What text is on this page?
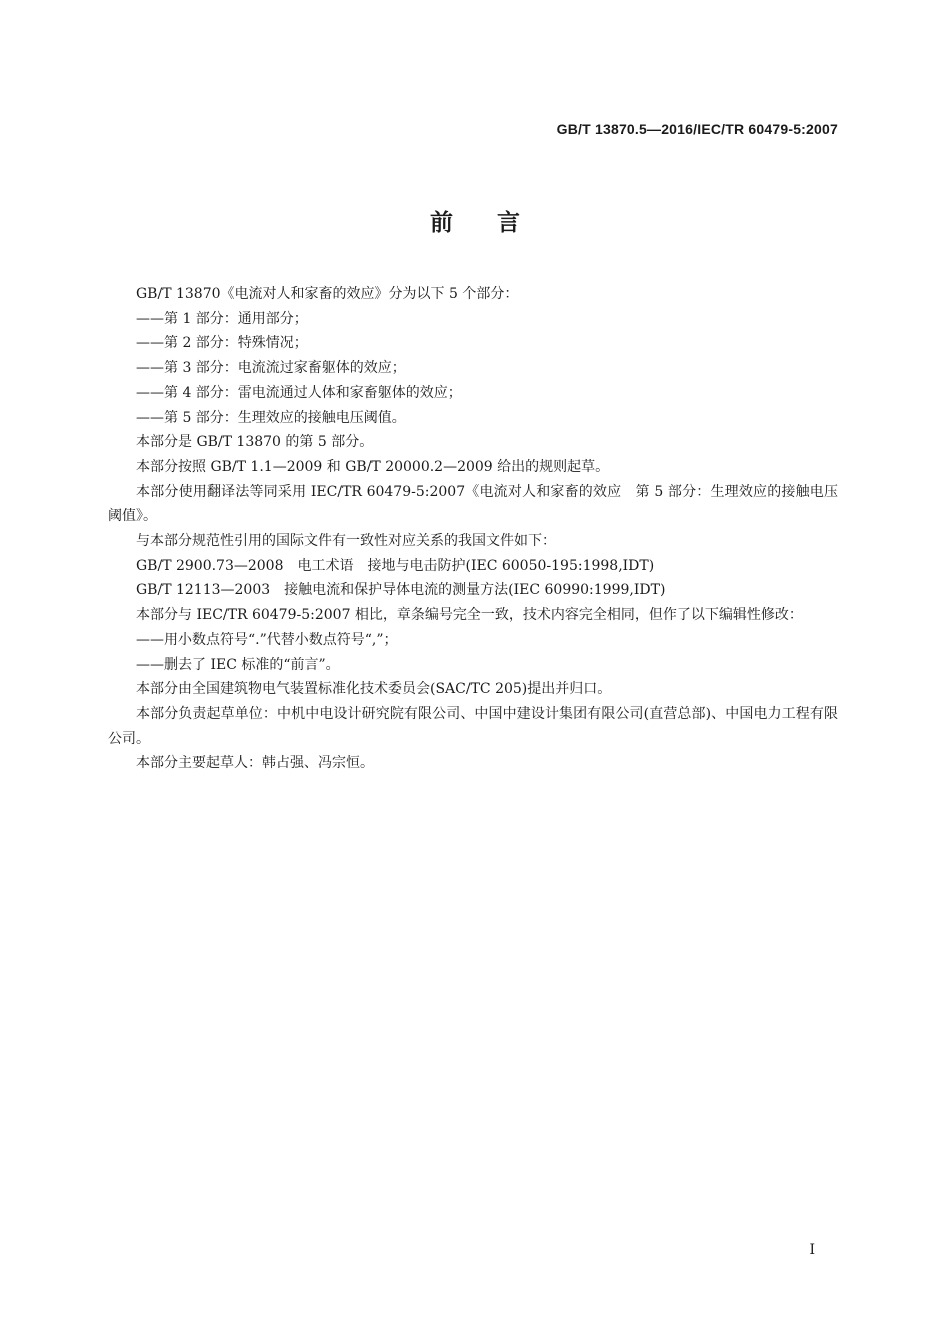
GB/T 13870.5—2016/IEC/TR 60479-5:2007
前言

GB/T 13870《电流对人和家畜的效应》分为以下 5 个部分：

——第 1 部分：通用部分；

——第 2 部分：特殊情况；

——第 3 部分：电流流过家畜躯体的效应；

——第 4 部分：雷电流通过人体和家畜躯体的效应；

——第 5 部分：生理效应的接触电压阈值。

本部分是 GB/T 13870 的第 5 部分。

本部分按照 GB/T 1.1—2009 和 GB/T 20000.2—2009 给出的规则起草。

本部分使用翻译法等同采用 IEC/TR 60479-5:2007《电流对人和家畜的效应　第 5 部分：生理效应的接触电压阈值》。

与本部分规范性引用的国际文件有一致性对应关系的我国文件如下：

GB/T 2900.73—2008　电工术语　接地与电击防护(IEC 60050-195:1998,IDT)

GB/T 12113—2003　接触电流和保护导体电流的测量方法(IEC 60990:1999,IDT)

本部分与 IEC/TR 60479-5:2007 相比，章条编号完全一致，技术内容完全相同，但作了以下编辑性修改：

——用小数点符号“.”代替小数点符号“,”；

——删去了 IEC 标准的“前言”。

本部分由全国建筑物电气装置标准化技术委员会(SAC/TC 205)提出并归口。

本部分负责起草单位：中机中电设计研究院有限公司、中国中建设计集团有限公司(直营总部)、中国电力工程有限公司。

本部分主要起草人：韩占强、冯宗恒。

I
